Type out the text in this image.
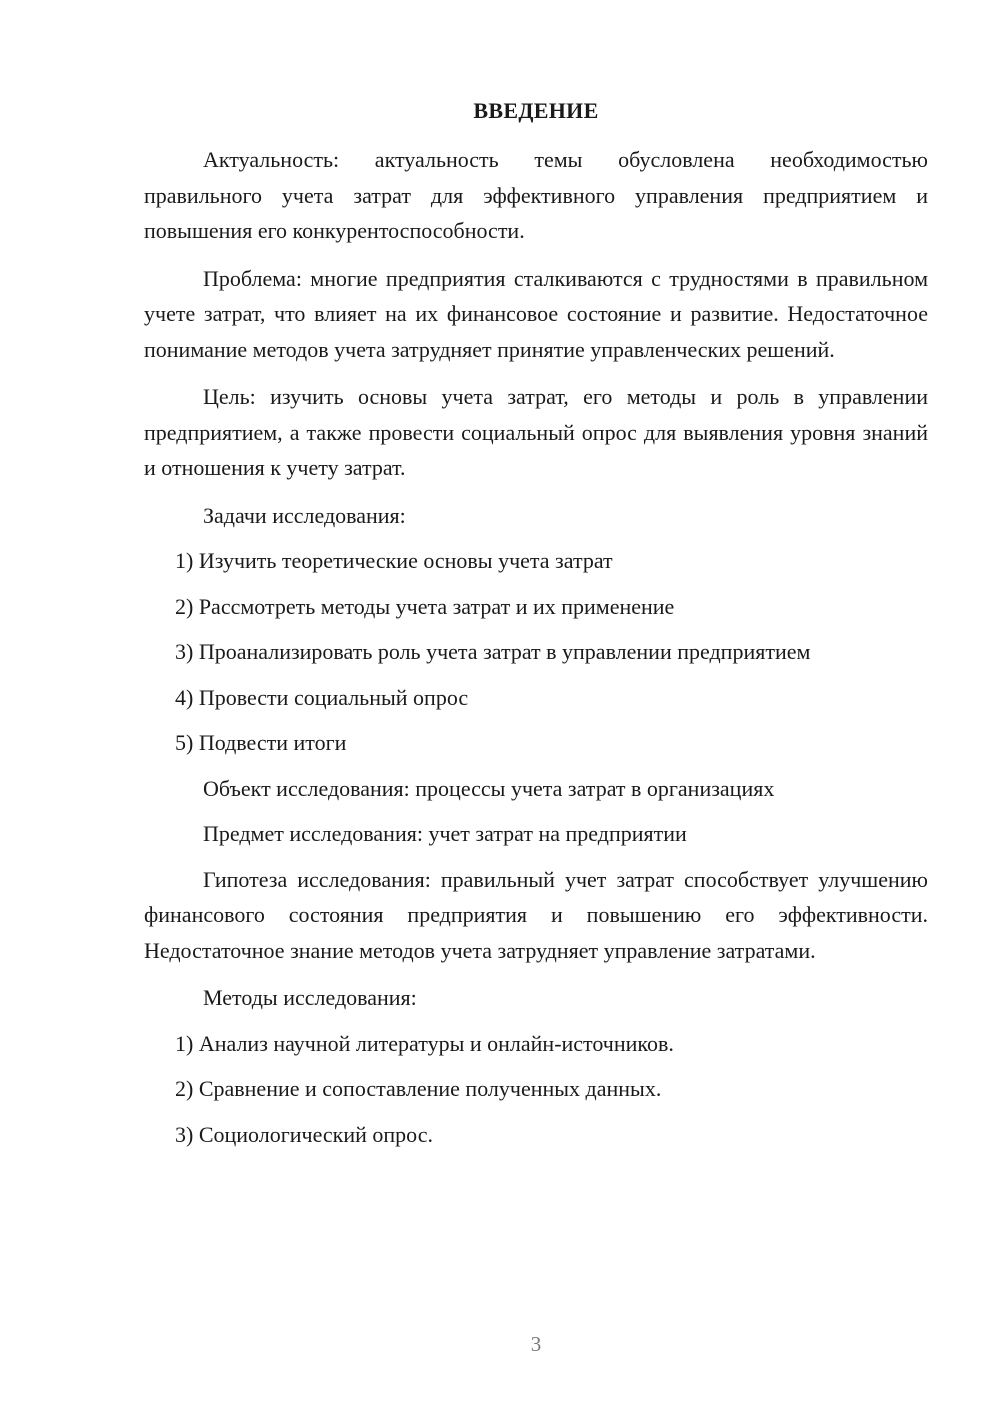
ВВЕДЕНИЕ

Актуальность: актуальность темы обусловлена необходимостью правильного учета затрат для эффективного управления предприятием и повышения его конкурентоспособности.

Проблема: многие предприятия сталкиваются с трудностями в правильном учете затрат, что влияет на их финансовое состояние и развитие. Недостаточное понимание методов учета затрудняет принятие управленческих решений.

Цель: изучить основы учета затрат, его методы и роль в управлении предприятием, а также провести социальный опрос для выявления уровня знаний и отношения к учету затрат.

Задачи исследования:

1) Изучить теоретические основы учета затрат
2) Рассмотреть методы учета затрат и их применение
3) Проанализировать роль учета затрат в управлении предприятием
4) Провести социальный опрос
5) Подвести итоги

Объект исследования: процессы учета затрат в организациях

Предмет исследования: учет затрат на предприятии

Гипотеза исследования: правильный учет затрат способствует улучшению финансового состояния предприятия и повышению его эффективности. Недостаточное знание методов учета затрудняет управление затратами.

Методы исследования:

1) Анализ научной литературы и онлайн-источников.
2) Сравнение и сопоставление полученных данных.
3) Социологический опрос.
3
